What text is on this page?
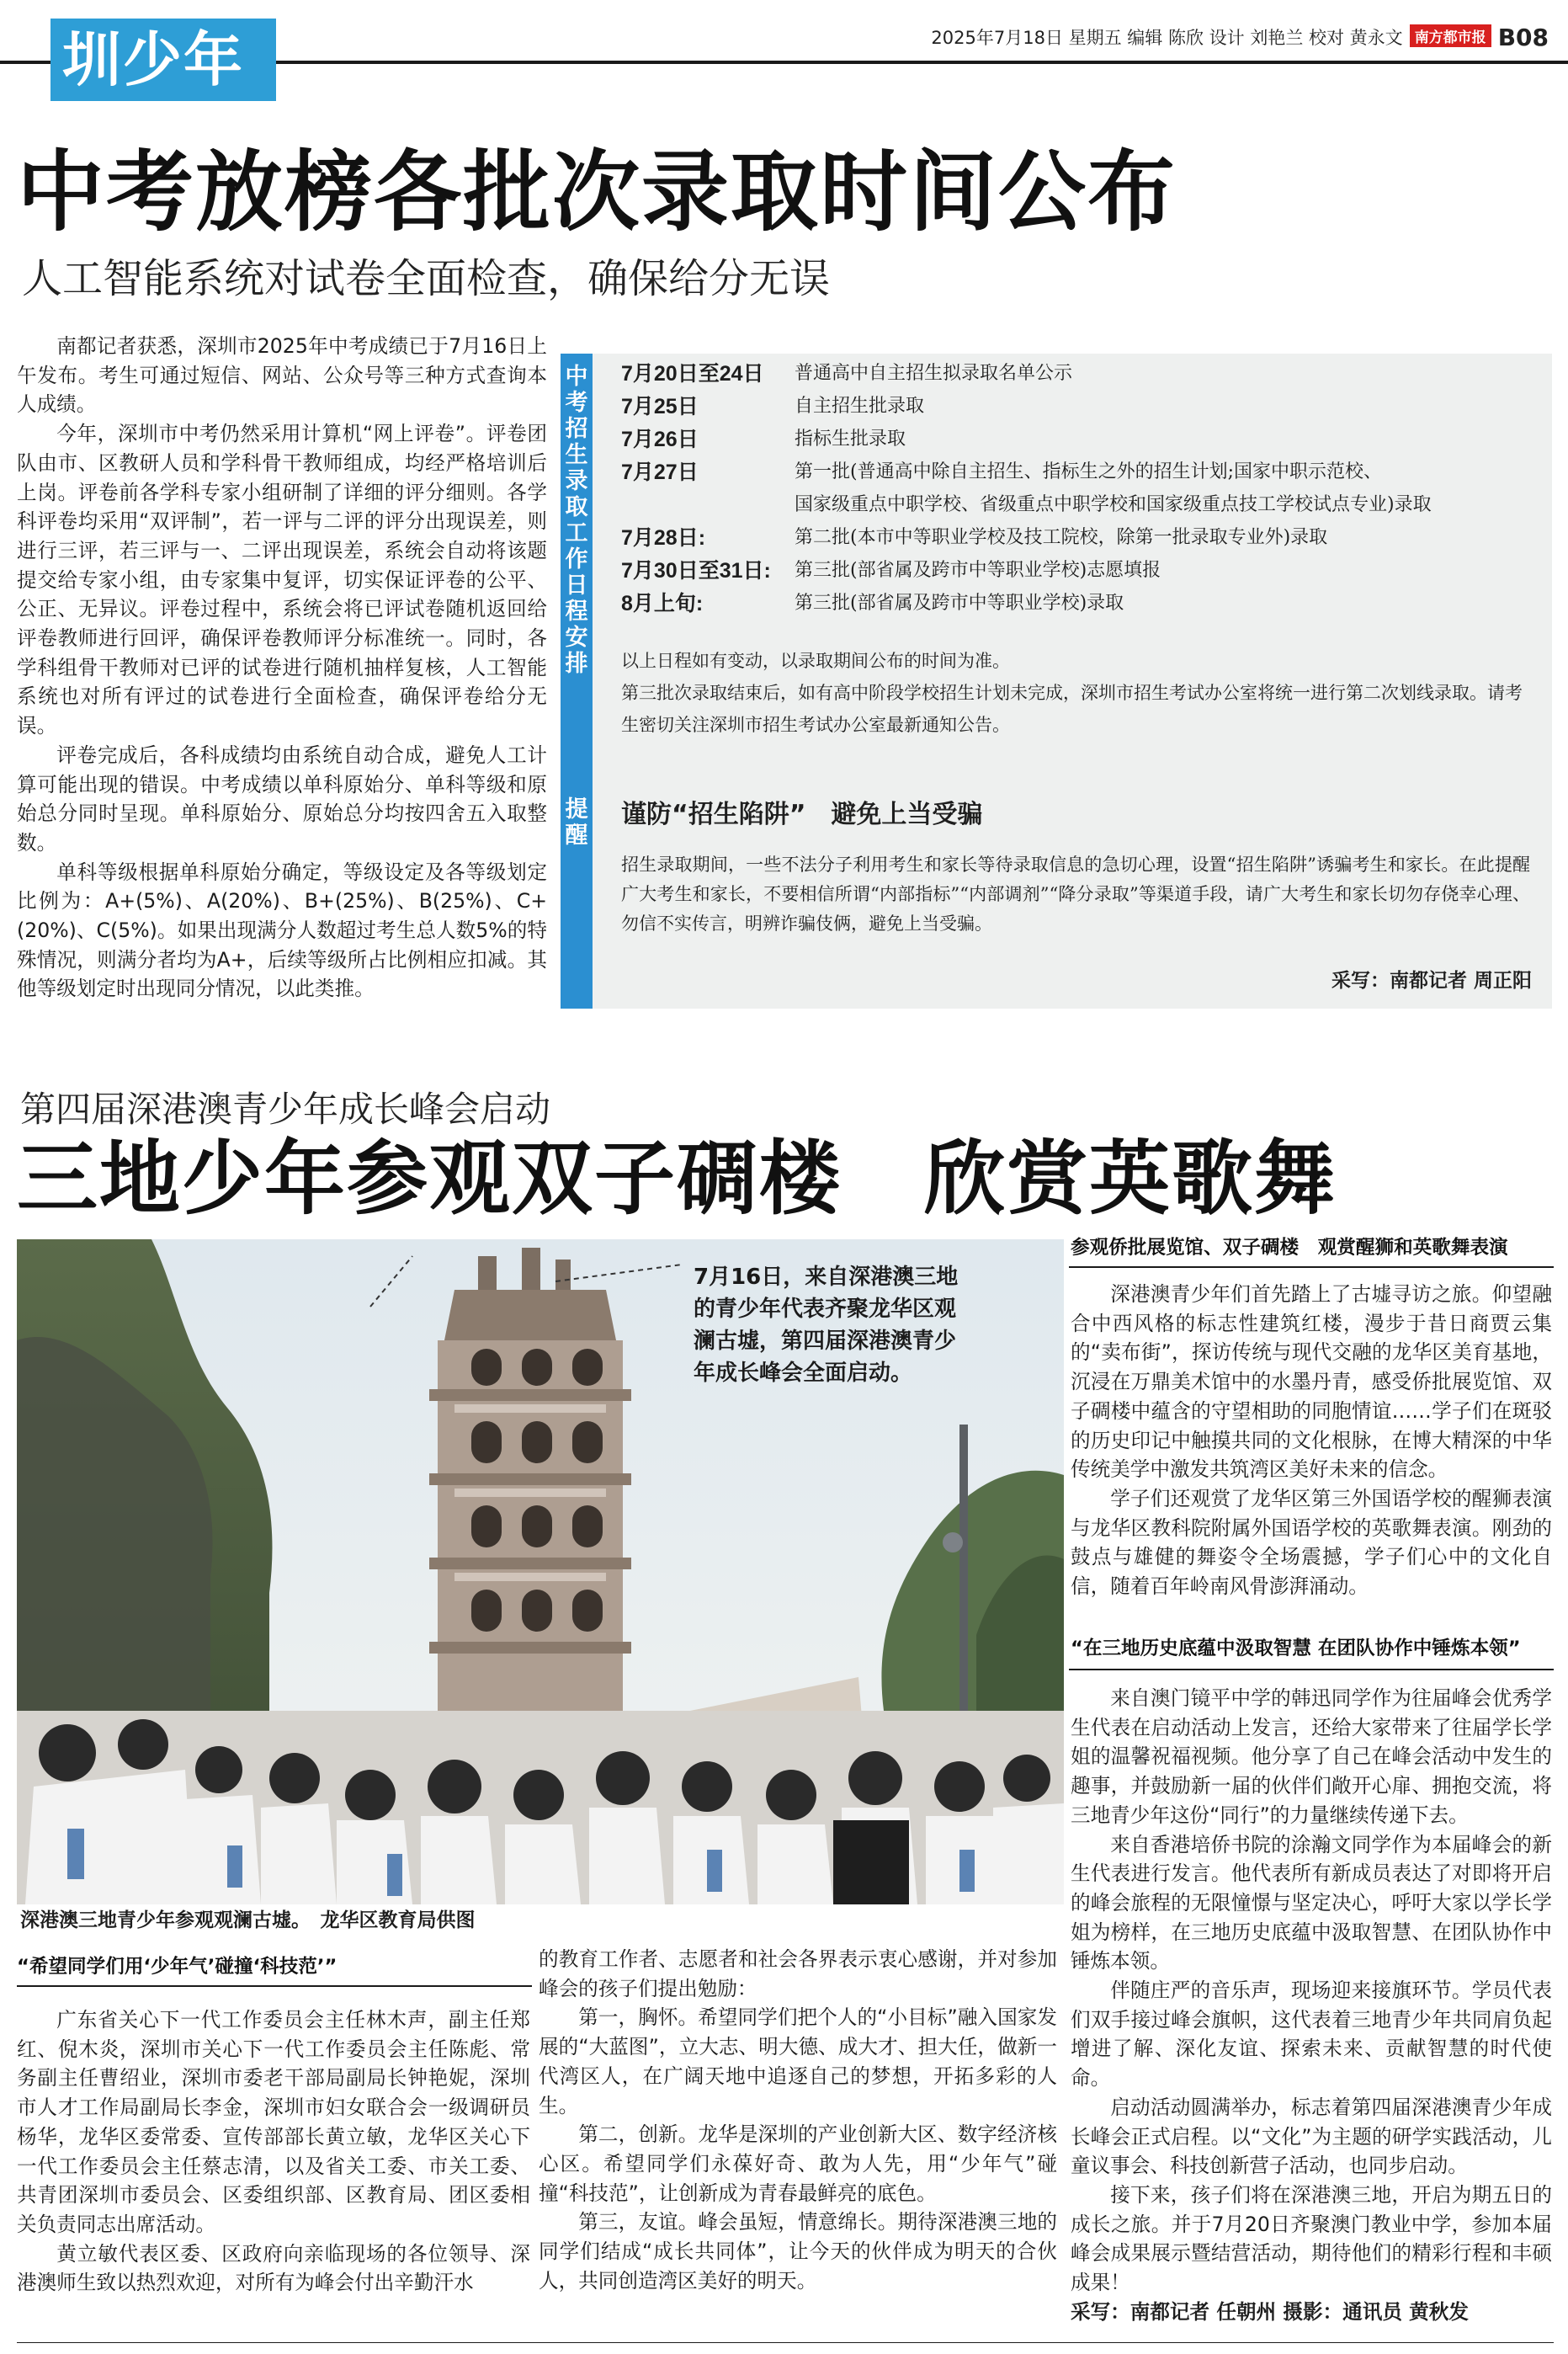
圳少年	2025年7月18日 星期五 编辑 陈欣 设计 刘艳兰 校对 黄永文 南方都市报 B08
中考放榜各批次录取时间公布
人工智能系统对试卷全面检查，确保给分无误

南都记者获悉，深圳市2025年中考成绩已于7月16日上午发布。考生可通过短信、网站、公众号等三种方式查询本人成绩。

今年，深圳市中考仍然采用计算机“网上评卷”。评卷团队由市、区教研人员和学科骨干教师组成，均经严格培训后上岗。评卷前各学科专家小组研制了详细的评分细则。各学科评卷均采用“双评制”，若一评与二评的评分出现误差，则进行三评，若三评与一、二评出现误差，系统会自动将该题提交给专家小组，由专家集中复评，切实保证评卷的公平、公正、无异议。评卷过程中，系统会将已评试卷随机返回给评卷教师进行回评，确保评卷教师评分标准统一。同时，各学科组骨干教师对已评的试卷进行随机抽样复核，人工智能系统也对所有评过的试卷进行全面检查，确保评卷给分无误。

评卷完成后，各科成绩均由系统自动合成，避免人工计算可能出现的错误。中考成绩以单科原始分、单科等级和原始总分同时呈现。单科原始分、原始总分均按四舍五入取整数。

单科等级根据单科原始分确定，等级设定及各等级划定比例为：A+(5%)、A(20%)、B+(25%)、B(25%)、C+(20%)、C(5%)。如果出现满分人数超过考生总人数5%的特殊情况，则满分者均为A+，后续等级所占比例相应扣减。其他等级划定时出现同分情况，以此类推。

中
考
招
生
录
取
工
作
日
程
安
排
提
醒
7月20日至24日	普通高中自主招生拟录取名单公示
7月25日	自主招生批录取
7月26日	指标生批录取
7月27日	第一批(普通高中除自主招生、指标生之外的招生计划;国家中职示范校、
国家级重点中职学校、省级重点中职学校和国家级重点技工学校试点专业)录取
7月28日:	第二批(本市中等职业学校及技工院校，除第一批录取专业外)录取
7月30日至31日:	第三批(部省属及跨市中等职业学校)志愿填报
8月上旬:	第三批(部省属及跨市中等职业学校)录取

以上日程如有变动，以录取期间公布的时间为准。

第三批次录取结束后，如有高中阶段学校招生计划未完成，深圳市招生考试办公室将统一进行第二次划线录取。请考生密切关注深圳市招生考试办公室最新通知公告。

谨防“招生陷阱”　避免上当受骗
招生录取期间，一些不法分子利用考生和家长等待录取信息的急切心理，设置“招生陷阱”诱骗考生和家长。在此提醒广大考生和家长，不要相信所谓“内部指标”“内部调剂”“降分录取”等渠道手段，请广大考生和家长切勿存侥幸心理、勿信不实传言，明辨诈骗伎俩，避免上当受骗。
采写：南都记者 周正阳
第四届深港澳青少年成长峰会启动
三地少年参观双子碉楼　欣赏英歌舞
7月16日，来自深港澳三地的青少年代表齐聚龙华区观澜古墟，第四届深港澳青少年成长峰会全面启动。
深港澳三地青少年参观观澜古墟。　龙华区教育局供图
参观侨批展览馆、双子碉楼　观赏醒狮和英歌舞表演

深港澳青少年们首先踏上了古墟寻访之旅。仰望融合中西风格的标志性建筑红楼，漫步于昔日商贾云集的“卖布街”，探访传统与现代交融的龙华区美育基地，沉浸在万鼎美术馆中的水墨丹青，感受侨批展览馆、双子碉楼中蕴含的守望相助的同胞情谊……学子们在斑驳的历史印记中触摸共同的文化根脉，在博大精深的中华传统美学中激发共筑湾区美好未来的信念。

学子们还观赏了龙华区第三外国语学校的醒狮表演与龙华区教科院附属外国语学校的英歌舞表演。刚劲的鼓点与雄健的舞姿令全场震撼，学子们心中的文化自信，随着百年岭南风骨澎湃涌动。

“在三地历史底蕴中汲取智慧 在团队协作中锤炼本领”

来自澳门镜平中学的韩迅同学作为往届峰会优秀学生代表在启动活动上发言，还给大家带来了往届学长学姐的温馨祝福视频。他分享了自己在峰会活动中发生的趣事，并鼓励新一届的伙伴们敞开心扉、拥抱交流，将三地青少年这份“同行”的力量继续传递下去。

来自香港培侨书院的涂瀚文同学作为本届峰会的新生代表进行发言。他代表所有新成员表达了对即将开启的峰会旅程的无限憧憬与坚定决心，呼吁大家以学长学姐为榜样，在三地历史底蕴中汲取智慧、在团队协作中锤炼本领。

伴随庄严的音乐声，现场迎来接旗环节。学员代表们双手接过峰会旗帜，这代表着三地青少年共同肩负起增进了解、深化友谊、探索未来、贡献智慧的时代使命。

启动活动圆满举办，标志着第四届深港澳青少年成长峰会正式启程。以“文化”为主题的研学实践活动，儿童议事会、科技创新营子活动，也同步启动。

接下来，孩子们将在深港澳三地，开启为期五日的成长之旅。并于7月20日齐聚澳门教业中学，参加本届峰会成果展示暨结营活动，期待他们的精彩行程和丰硕成果！

采写：南都记者 任朝州 摄影：通讯员 黄秋发

“希望同学们用‘少年气’碰撞‘科技范’”

广东省关心下一代工作委员会主任林木声，副主任郑红、倪木炎，深圳市关心下一代工作委员会主任陈彪、常务副主任曹绍业，深圳市委老干部局副局长钟艳妮，深圳市人才工作局副局长李金，深圳市妇女联合会一级调研员杨华，龙华区委常委、宣传部部长黄立敏，龙华区关心下一代工作委员会主任蔡志清，以及省关工委、市关工委、共青团深圳市委员会、区委组织部、区教育局、团区委相关负责同志出席活动。

黄立敏代表区委、区政府向亲临现场的各位领导、深港澳师生致以热烈欢迎，对所有为峰会付出辛勤汗水

的教育工作者、志愿者和社会各界表示衷心感谢，并对参加峰会的孩子们提出勉励：

第一，胸怀。希望同学们把个人的“小目标”融入国家发展的“大蓝图”，立大志、明大德、成大才、担大任，做新一代湾区人，在广阔天地中追逐自己的梦想，开拓多彩的人生。

第二，创新。龙华是深圳的产业创新大区、数字经济核心区。希望同学们永葆好奇、敢为人先，用“少年气”碰撞“科技范”，让创新成为青春最鲜亮的底色。

第三，友谊。峰会虽短，情意绵长。期待深港澳三地的同学们结成“成长共同体”，让今天的伙伴成为明天的合伙人，共同创造湾区美好的明天。
